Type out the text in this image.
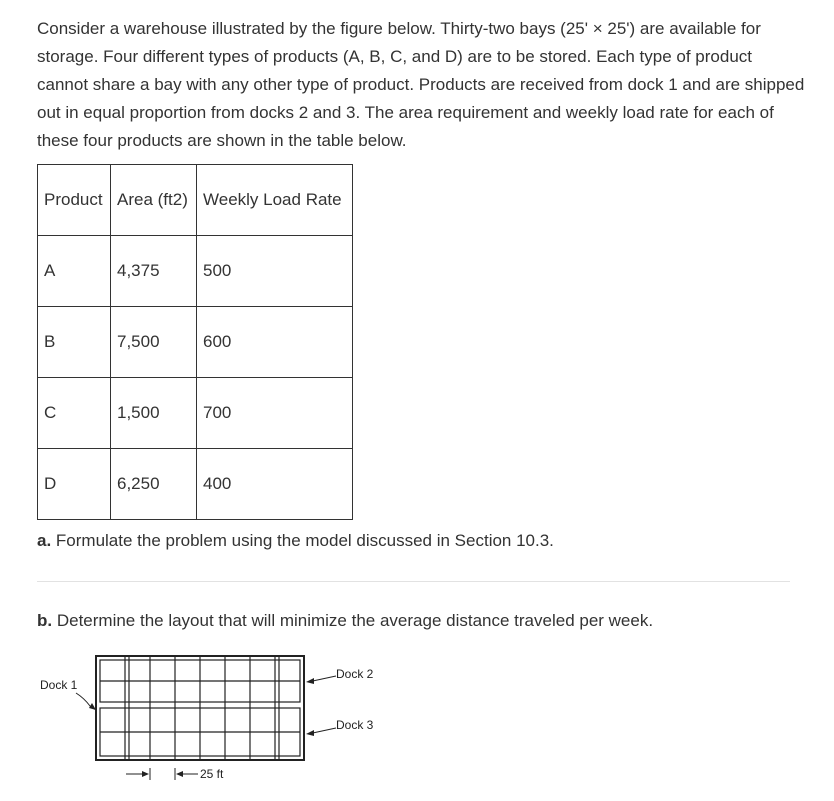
Consider a warehouse illustrated by the figure below. Thirty-two bays (25' × 25') are available for storage. Four different types of products (A, B, C, and D) are to be stored. Each type of product cannot share a bay with any other type of product. Products are received from dock 1 and are shipped out in equal proportion from docks 2 and 3. The area requirement and weekly load rate for each of these four products are shown in the table below.

Product	Area (ft2)	Weekly Load Rate
A	4,375	500
B	7,500	600
C	1,500	700
D	6,250	400

a. Formulate the problem using the model discussed in Section 10.3.

b. Determine the layout that will minimize the average distance traveled per week.

Dock 1
Dock 2
Dock 3
25 ft
